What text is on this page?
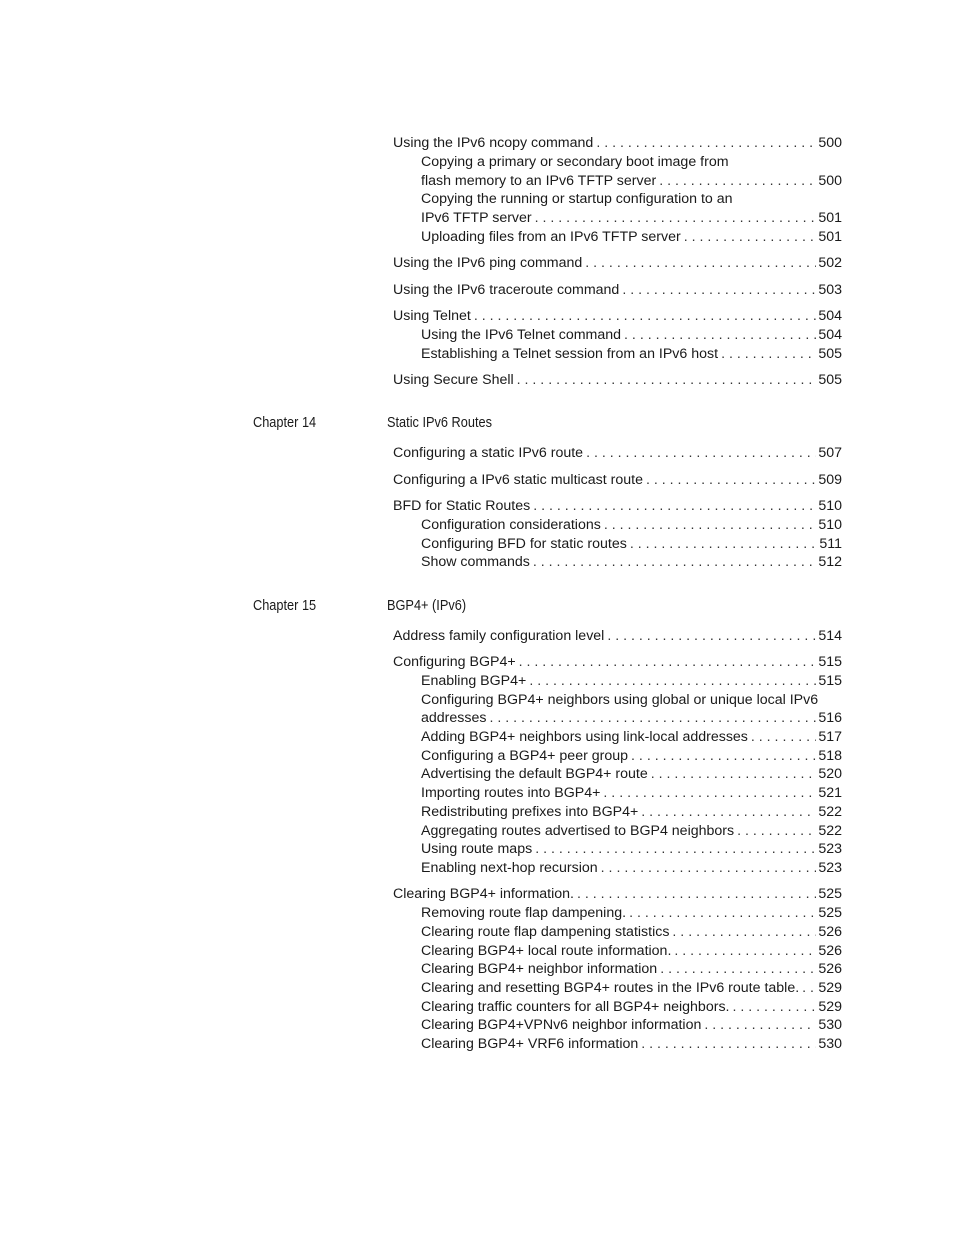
Using the IPv6 ncopy command . . .	500
Copying a primary or secondary boot image from
flash memory to an IPv6 TFTP server . . .	500
Copying the running or startup configuration to an
IPv6 TFTP server . . .	501
Uploading files from an IPv6 TFTP server . . .	501
Using the IPv6 ping command . . .	502
Using the IPv6 traceroute command . . .	503
Using Telnet . . .	504
Using the IPv6 Telnet command . . .	504
Establishing a Telnet session from an IPv6 host . . .	505
Using Secure Shell . . .	505
Chapter 14	Static IPv6 Routes
Configuring a static IPv6 route . . .	507
Configuring a IPv6 static multicast route . . .	509
BFD for Static Routes . . .	510
Configuration considerations . . .	510
Configuring BFD for static routes . . .	511
Show commands . . .	512
Chapter 15	BGP4+ (IPv6)
Address family configuration level . . .	514
Configuring BGP4+ . . .	515
Enabling BGP4+ . . .	515
Configuring BGP4+ neighbors using global or unique local IPv6
addresses . . .	516
Adding BGP4+ neighbors using link-local addresses . . .	517
Configuring a BGP4+ peer group . . .	518
Advertising the default BGP4+ route . . .	520
Importing routes into BGP4+ . . .	521
Redistributing prefixes into BGP4+ . . .	522
Aggregating routes advertised to BGP4 neighbors . . .	522
Using route maps . . .	523
Enabling next-hop recursion . . .	523
Clearing BGP4+ information. . . .	525
Removing route flap dampening. . . .	525
Clearing route flap dampening statistics . . .	526
Clearing BGP4+ local route information. . . .	526
Clearing BGP4+ neighbor information . . .	526
Clearing and resetting BGP4+ routes in the IPv6 route table. . . . 529
Clearing traffic counters for all BGP4+ neighbors. . . .	529
Clearing BGP4+VPNv6 neighbor information . . .	530
Clearing BGP4+ VRF6 information . . .	530
